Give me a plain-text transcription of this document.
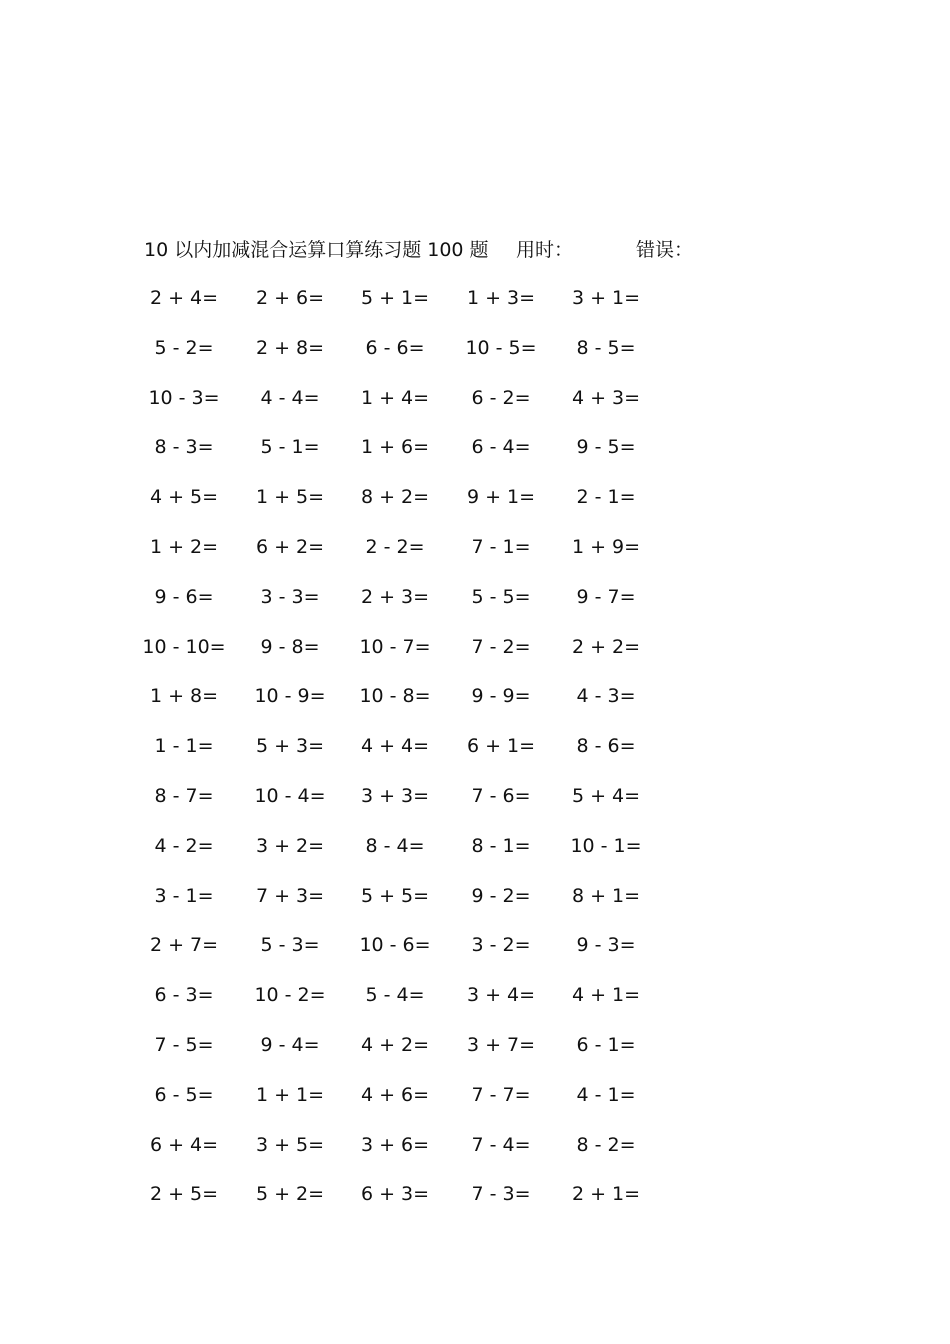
10 以内加减混合运算口算练习题 100 题 用时：	错误：
2 + 4=	2 + 6=	5 + 1=	1 + 3=	3 + 1=
5 - 2=	2 + 8=	6 - 6=	10 - 5=	8 - 5=
10 - 3=	4 - 4=	1 + 4=	6 - 2=	4 + 3=
8 - 3=	5 - 1=	1 + 6=	6 - 4=	9 - 5=
4 + 5=	1 + 5=	8 + 2=	9 + 1=	2 - 1=
1 + 2=	6 + 2=	2 - 2=	7 - 1=	1 + 9=
9 - 6=	3 - 3=	2 + 3=	5 - 5=	9 - 7=
10 - 10=	9 - 8=	10 - 7=	7 - 2=	2 + 2=
1 + 8=	10 - 9=	10 - 8=	9 - 9=	4 - 3=
1 - 1=	5 + 3=	4 + 4=	6 + 1=	8 - 6=
8 - 7=	10 - 4=	3 + 3=	7 - 6=	5 + 4=
4 - 2=	3 + 2=	8 - 4=	8 - 1=	10 - 1=
3 - 1=	7 + 3=	5 + 5=	9 - 2=	8 + 1=
2 + 7=	5 - 3=	10 - 6=	3 - 2=	9 - 3=
6 - 3=	10 - 2=	5 - 4=	3 + 4=	4 + 1=
7 - 5=	9 - 4=	4 + 2=	3 + 7=	6 - 1=
6 - 5=	1 + 1=	4 + 6=	7 - 7=	4 - 1=
6 + 4=	3 + 5=	3 + 6=	7 - 4=	8 - 2=
2 + 5=	5 + 2=	6 + 3=	7 - 3=	2 + 1=
